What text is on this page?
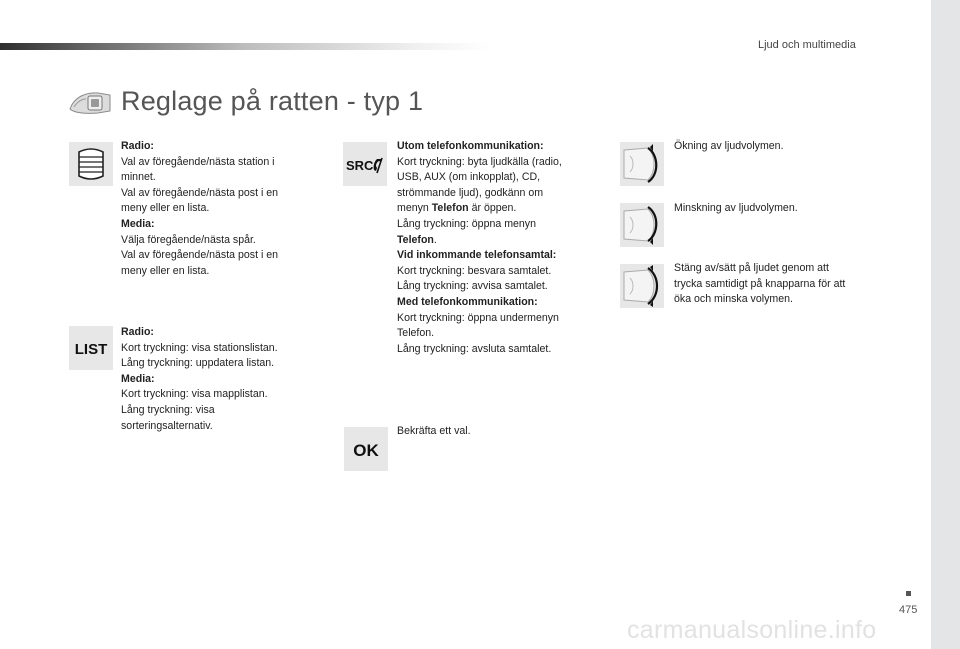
Ljud och multimedia
Reglage på ratten - typ 1
Radio:
Val av föregående/nästa station i
minnet.
Val av föregående/nästa post i en
meny eller en lista.
Media:
Välja föregående/nästa spår.
Val av föregående/nästa post i en
meny eller en lista.
LIST
Radio:
Kort tryckning: visa stationslistan.
Lång tryckning: uppdatera listan.
Media:
Kort tryckning: visa mapplistan.
Lång tryckning: visa
sorteringsalternativ.
SRC
Utom telefonkommunikation:
Kort tryckning: byta ljudkälla (radio,
USB, AUX (om inkopplat), CD,
strömmande ljud), godkänn om
menyn Telefon är öppen.
Lång tryckning: öppna menyn
Telefon.
Vid inkommande telefonsamtal:
Kort tryckning: besvara samtalet.
Lång tryckning: avvisa samtalet.
Med telefonkommunikation:
Kort tryckning: öppna undermenyn
Telefon.
Lång tryckning: avsluta samtalet.
OK
Bekräfta ett val.
Ökning av ljudvolymen.
Minskning av ljudvolymen.
Stäng av/sätt på ljudet genom att
trycka samtidigt på knapparna för att
öka och minska volymen.
475
carmanualsonline.info
